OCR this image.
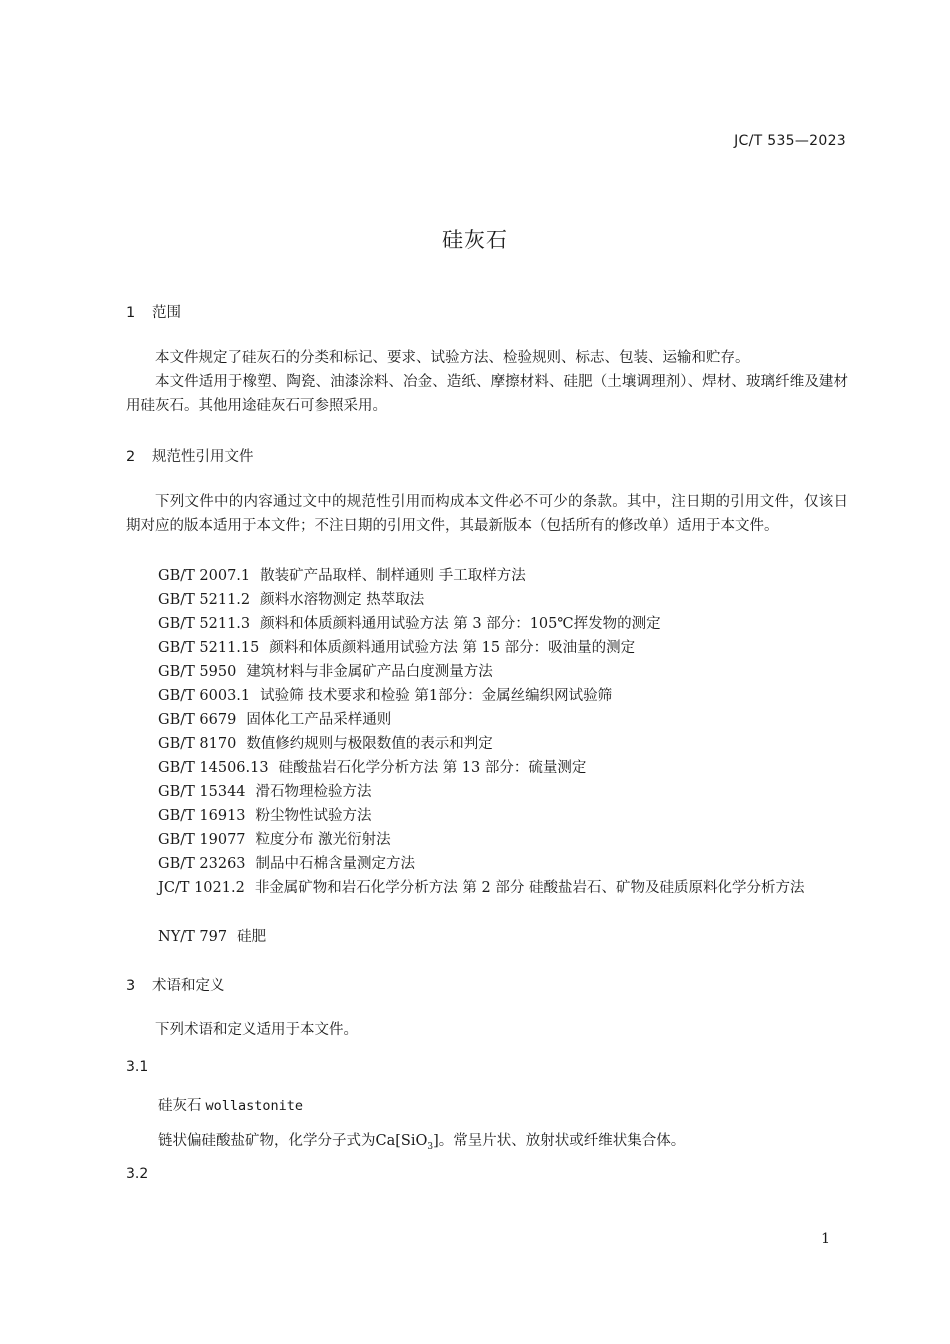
JC/T 535—2023
硅灰石
1 范围
本文件规定了硅灰石的分类和标记、要求、试验方法、检验规则、标志、包装、运输和贮存。
本文件适用于橡塑、陶瓷、油漆涂料、冶金、造纸、摩擦材料、硅肥（土壤调理剂）、焊材、玻璃纤维及建材用硅灰石。其他用途硅灰石可参照采用。
2 规范性引用文件
下列文件中的内容通过文中的规范性引用而构成本文件必不可少的条款。其中，注日期的引用文件，仅该日期对应的版本适用于本文件；不注日期的引用文件，其最新版本（包括所有的修改单）适用于本文件。
GB/T 2007.1 散装矿产品取样、制样通则 手工取样方法
GB/T 5211.2 颜料水溶物测定 热萃取法
GB/T 5211.3 颜料和体质颜料通用试验方法 第 3 部分：105℃挥发物的测定
GB/T 5211.15 颜料和体质颜料通用试验方法 第 15 部分：吸油量的测定
GB/T 5950 建筑材料与非金属矿产品白度测量方法
GB/T 6003.1 试验筛 技术要求和检验 第1部分：金属丝编织网试验筛
GB/T 6679 固体化工产品采样通则
GB/T 8170 数值修约规则与极限数值的表示和判定
GB/T 14506.13 硅酸盐岩石化学分析方法 第 13 部分：硫量测定
GB/T 15344 滑石物理检验方法
GB/T 16913 粉尘物性试验方法
GB/T 19077 粒度分布 激光衍射法
GB/T 23263 制品中石棉含量测定方法
JC/T 1021.2 非金属矿物和岩石化学分析方法 第 2 部分 硅酸盐岩石、矿物及硅质原料化学分析方法
NY/T 797 硅肥
3 术语和定义
下列术语和定义适用于本文件。
3.1
硅灰石 wollastonite
链状偏硅酸盐矿物，化学分子式为Ca[SiO$_3$]。常呈片状、放射状或纤维状集合体。
3.2
1
